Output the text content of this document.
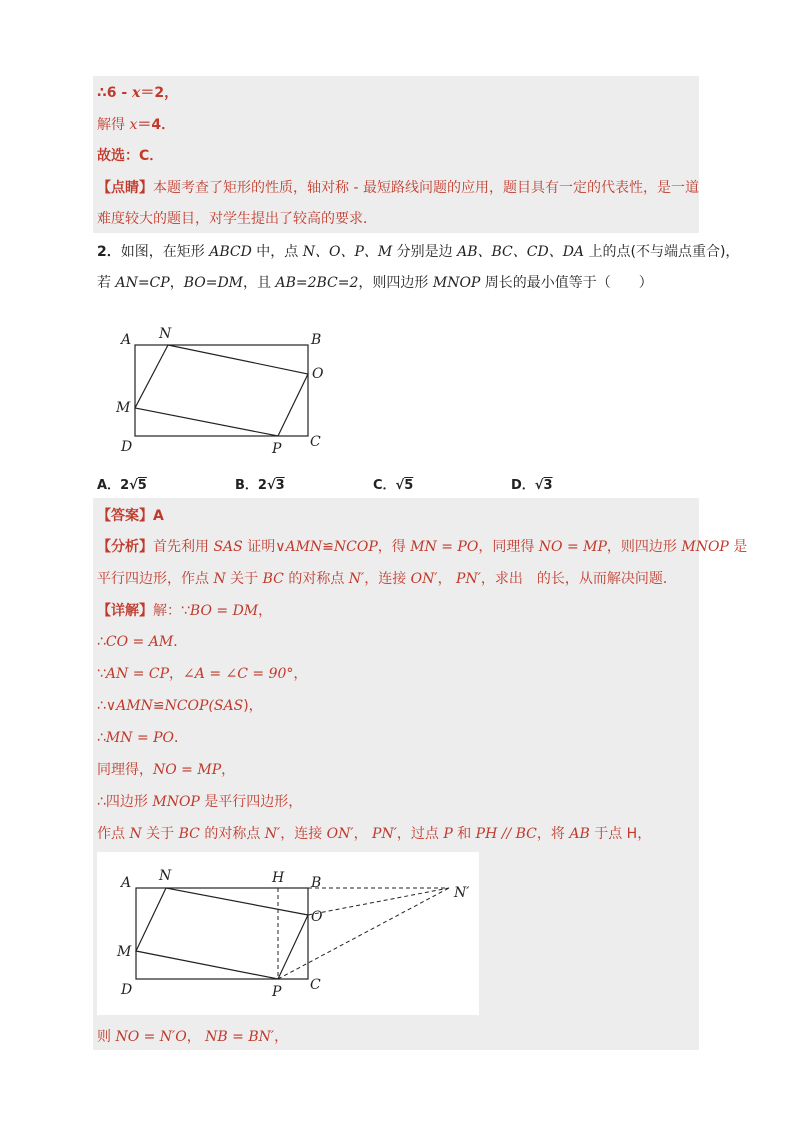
∴6 - x＝2，
解得 x＝4．
故选：C．
【点睛】本题考查了矩形的性质，轴对称 - 最短路线问题的应用，题目具有一定的代表性，是一道
难度较大的题目，对学生提出了较高的要求．
2．如图，在矩形 ABCD 中，点 N、O、P、M 分别是边 AB、BC、CD、DA 上的点(不与端点重合)，
若 AN=CP，BO=DM，且 AB=2BC=2，则四边形 MNOP 周长的最小值等于（　　）
A N	B
O
M
D	P C
A．2√5	B．2√3	C．√5	D．√3
【答案】A
【分析】首先利用 SAS 证明∨AMN≌NCOP，得 MN = PO，同理得 NO = MP，则四边形 MNOP 是
平行四边形，作点 N 关于 BC 的对称点 N′，连接 ON′， PN′，求出　的长，从而解决问题．
【详解】解：∵BO = DM，
∴CO = AM．
∵AN = CP，∠A = ∠C = 90°，
∴∨AMN≌NCOP(SAS)，
∴MN = PO．
同理得，NO = MP，
∴四边形 MNOP 是平行四边形，
作点 N 关于 BC 的对称点 N′，连接 ON′， PN′，过点 P 和 PH // BC，将 AB 于点 H，
A N	H B
N′
O
M
D	P C
则 NO = N′O， NB = BN′，
